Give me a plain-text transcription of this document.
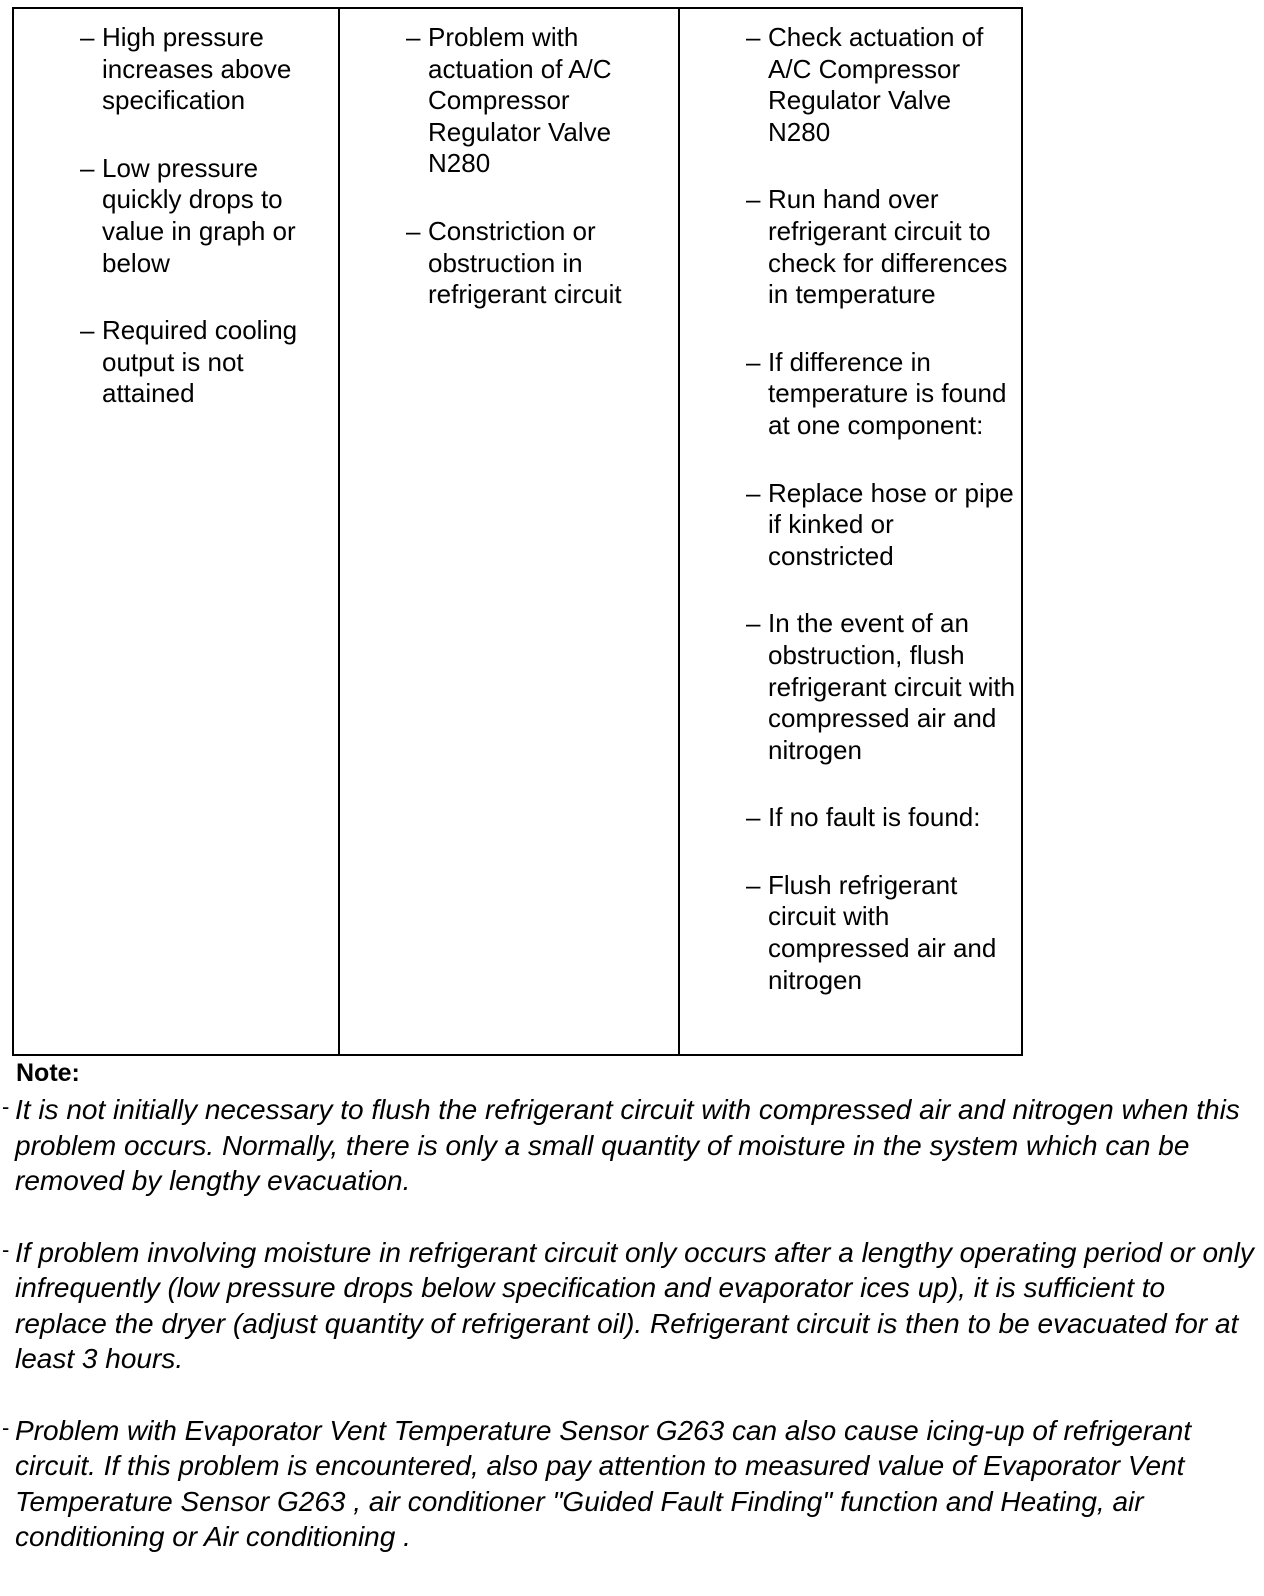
– High pressure increases above specification
– Low pressure quickly drops to value in graph or below
– Required cooling output is not attained
– Problem with actuation of A/C Compressor Regulator Valve N280
– Constriction or obstruction in refrigerant circuit
– Check actuation of A/C Compressor Regulator Valve N280
– Run hand over refrigerant circuit to check for differences in temperature
– If difference in temperature is found at one component:
– Replace hose or pipe if kinked or constricted
– In the event of an obstruction, flush refrigerant circuit with compressed air and nitrogen
– If no fault is found:
– Flush refrigerant circuit with compressed air and nitrogen

Note:

- It is not initially necessary to flush the refrigerant circuit with compressed air and nitrogen when this problem occurs. Normally, there is only a small quantity of moisture in the system which can be removed by lengthy evacuation.
- If problem involving moisture in refrigerant circuit only occurs after a lengthy operating period or only infrequently (low pressure drops below specification and evaporator ices up), it is sufficient to replace the dryer (adjust quantity of refrigerant oil). Refrigerant circuit is then to be evacuated for at least 3 hours.
- Problem with Evaporator Vent Temperature Sensor G263 can also cause icing-up of refrigerant circuit. If this problem is encountered, also pay attention to measured value of Evaporator Vent Temperature Sensor G263 , air conditioner "Guided Fault Finding" function and Heating, air conditioning or Air conditioning .
